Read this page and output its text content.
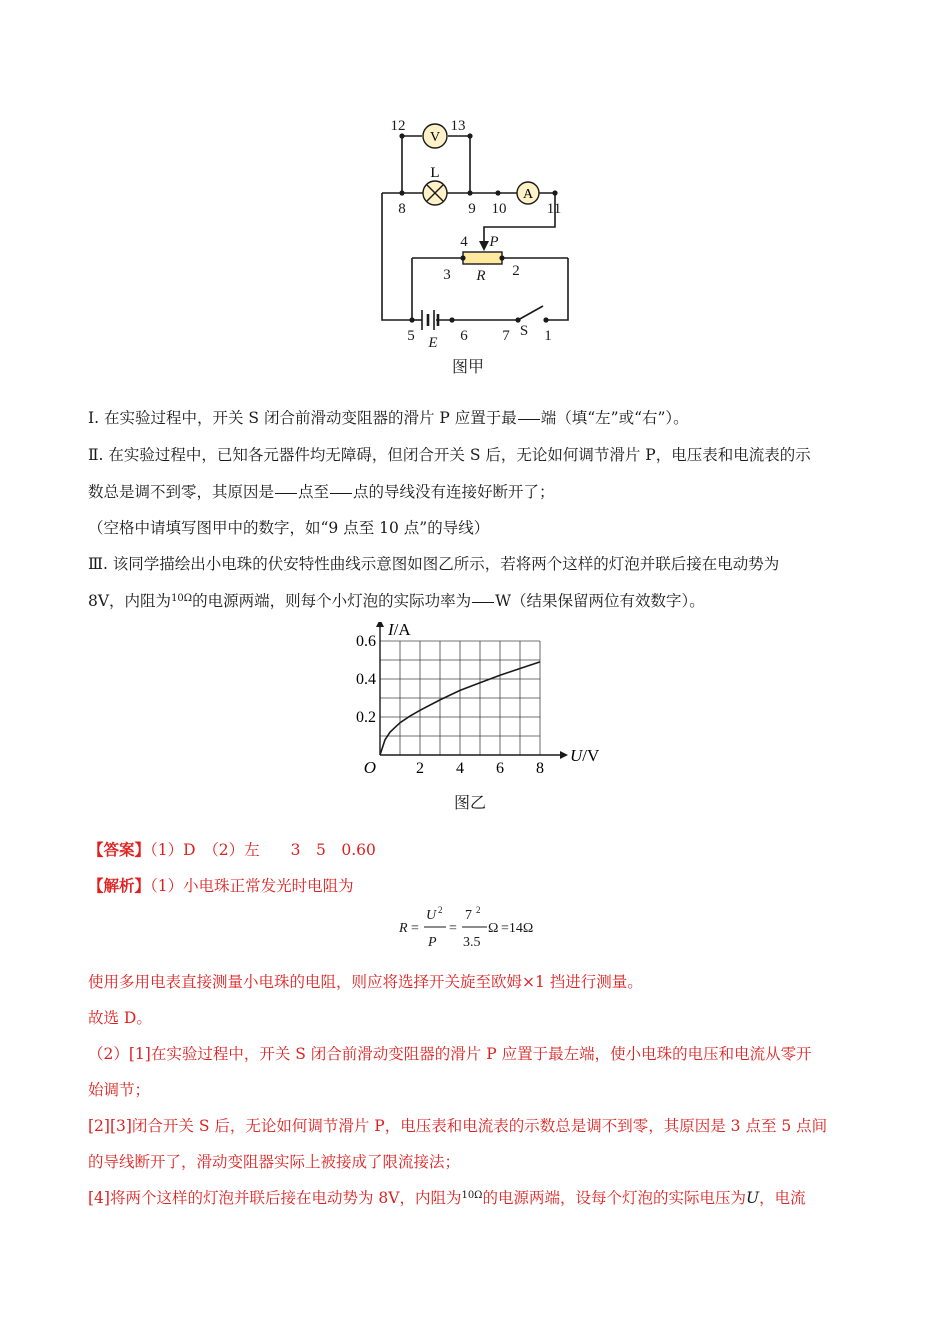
V
L
A
12	13
8	9 10	11
4
3	2
5	6 7 1
P
R
E
S
图甲
Ⅰ. 在实验过程中，开关 S 闭合前滑动变阻器的滑片 P 应置于最 端（填“左”或“右”）。
Ⅱ. 在实验过程中，已知各元器件均无障碍，但闭合开关 S 后，无论如何调节滑片 P，电压表和电流表的示
数总是调不到零，其原因是 点至 点的导线没有连接好断开了；
（空格中请填写图甲中的数字，如“9 点至 10 点”的导线）
Ⅲ. 该同学描绘出小电珠的伏安特性曲线示意图如图乙所示，若将两个这样的灯泡并联后接在电动势为
8V，内阻为$^{10\Omega}$的电源两端，则每个小灯泡的实际功率为 W（结果保留两位有效数字）。
2 4 6 8
0.2
0.4
0.6
O
I/A
U/V
图乙
【答案】（1）D　（2）左　　3　5　0.60
【解析】（1）小电珠正常发光时电阻为
R =
U 2
P
=
7 2
3.5
Ω =14Ω
使用多用电表直接测量小电珠的电阻，则应将选择开关旋至欧姆×1 挡进行测量。
故选 D。
（2）[1]在实验过程中，开关 S 闭合前滑动变阻器的滑片 P 应置于最左端，使小电珠的电压和电流从零开
始调节；
[2][3]闭合开关 S 后，无论如何调节滑片 P，电压表和电流表的示数总是调不到零，其原因是 3 点至 5 点间
的导线断开了，滑动变阻器实际上被接成了限流接法；
[4]将两个这样的灯泡并联后接在电动势为 8V，内阻为$^{10\Omega}$的电源两端，设每个灯泡的实际电压为U，电流
